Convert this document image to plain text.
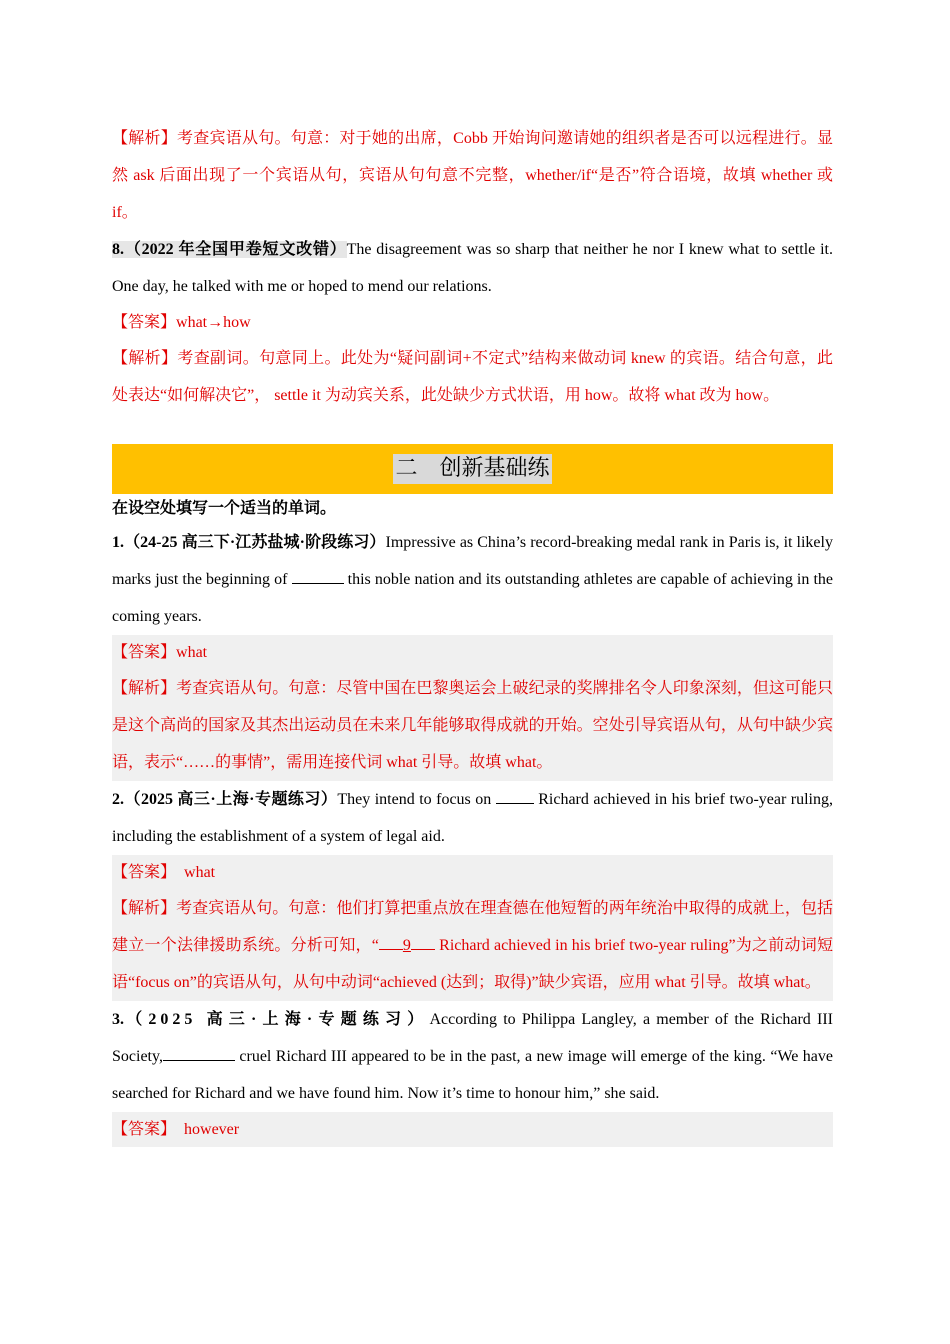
【解析】考查宾语从句。句意：对于她的出席，Cobb 开始询问邀请她的组织者是否可以远程进行。显然 ask 后面出现了一个宾语从句，宾语从句句意不完整，whether/if“是否”符合语境，故填 whether 或 if。

8.（2022 年全国甲卷短文改错）The disagreement was so sharp that neither he nor I knew what to settle it. One day, he talked with me or hoped to mend our relations.

【答案】what→how

【解析】考查副词。句意同上。此处为“疑问副词+不定式”结构来做动词 knew 的宾语。结合句意，此处表达“如何解决它”， settle it 为动宾关系，此处缺少方式状语，用 how。故将 what 改为 how。

二　创新基础练

在设空处填写一个适当的单词。

1.（24-25 高三下·江苏盐城·阶段练习）Impressive as China’s record-breaking medal rank in Paris is, it likely marks just the beginning of	this noble nation and its outstanding athletes are capable of achieving in the coming years.

【答案】what

【解析】考查宾语从句。句意：尽管中国在巴黎奥运会上破纪录的奖牌排名令人印象深刻，但这可能只是这个高尚的国家及其杰出运动员在未来几年能够取得成就的开始。空处引导宾语从句，从句中缺少宾语，表示“……的事情”，需用连接代词 what 引导。故填 what。

2.（2025 高三·上海·专题练习）They intend to focus on  Richard achieved in his brief two-year ruling, including the establishment of a system of legal aid.

【答案】 what

【解析】考查宾语从句。句意：他们打算把重点放在理查德在他短暂的两年统治中取得的成就上，包括建立一个法律援助系统。分析可知，“ 9 Richard achieved in his brief two-year ruling”为之前动词短语“focus on”的宾语从句，从句中动词“achieved (达到；取得)”缺少宾语，应用 what 引导。故填 what。

3.（2025 高三·上海·专题练习）According to Philippa Langley, a member of the Richard III Society,	cruel Richard III appeared to be in the past, a new image will emerge of the king. “We have searched for Richard and we have found him. Now it’s time to honour him,” she said.

【答案】 however
